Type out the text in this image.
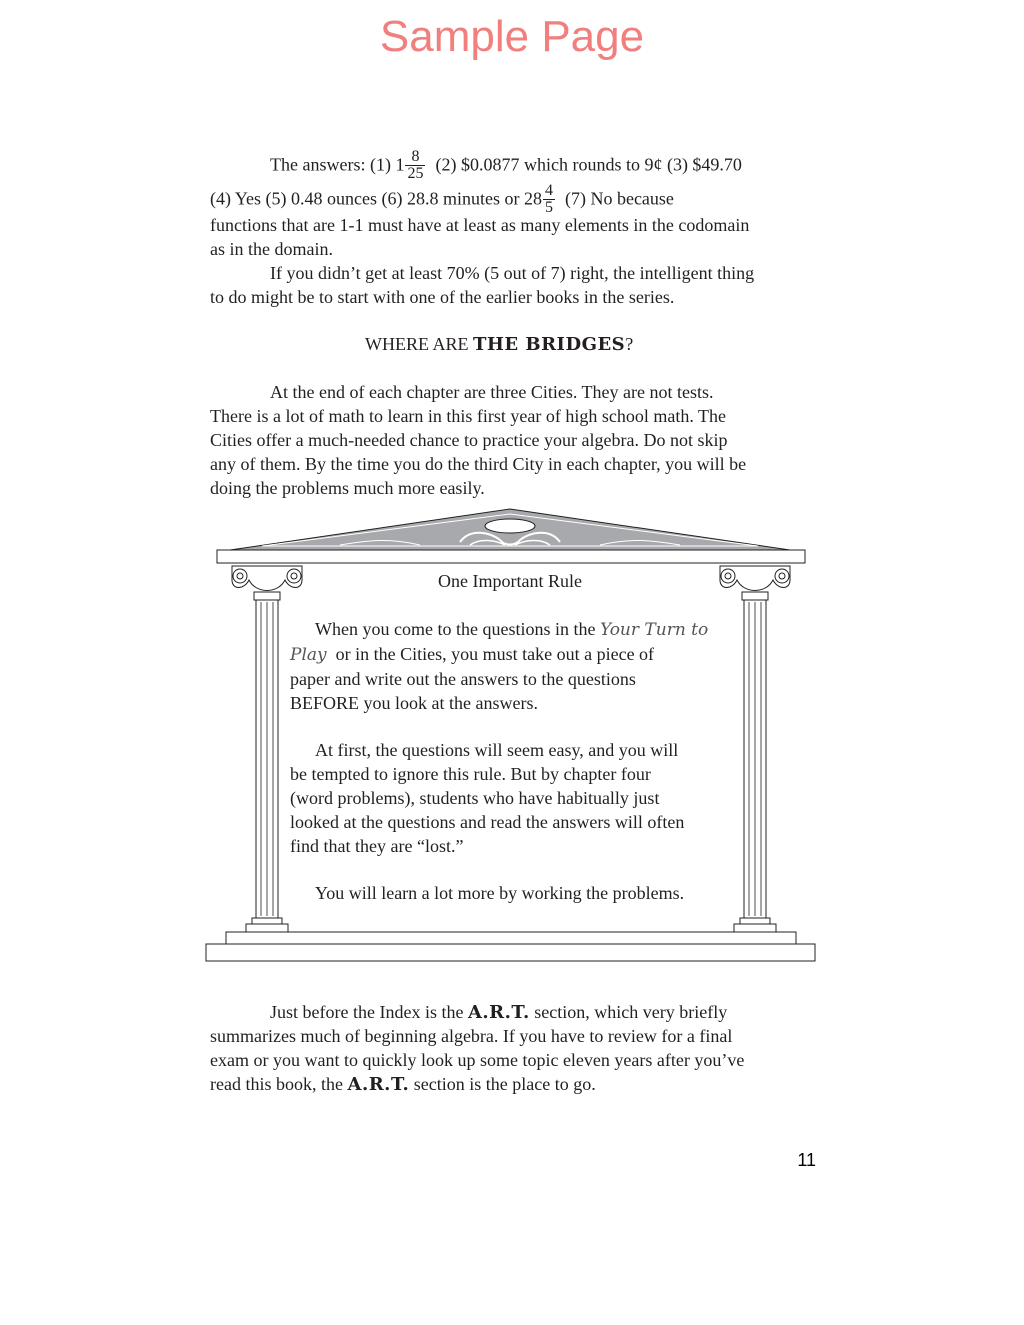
Sample Page

The answers: (1) $1 \frac{8}{25} (2)$ $0.0877 which rounds to 9¢ (3) $49.70

(4) Yes (5) 0.48 ounces (6) 28.8 minutes or $28 \frac{4}{5} (7)$ No because

functions that are 1-1 must have at least as many elements in the codomain

as in the domain.

If you didn’t get at least 70% (5 out of 7) right, the intelligent thing

to do might be to start with one of the earlier books in the series.

WHERE ARE THE BRIDGES?

At the end of each chapter are three Cities. They are not tests.

There is a lot of math to learn in this first year of high school math. The

Cities offer a much-needed chance to practice your algebra. Do not skip

any of them. By the time you do the third City in each chapter, you will be

doing the problems much more easily.

One Important Rule

When you come to the questions in the Your Turn to

Play or in the Cities, you must take out a piece of

paper and write out the answers to the questions

BEFORE you look at the answers.

At first, the questions will seem easy, and you will

be tempted to ignore this rule. But by chapter four

(word problems), students who have habitually just

looked at the questions and read the answers will often

find that they are “lost.”

You will learn a lot more by working the problems.

Just before the Index is the A.R.T. section, which very briefly

summarizes much of beginning algebra. If you have to review for a final

exam or you want to quickly look up some topic eleven years after you’ve

read this book, the A.R.T. section is the place to go.

11
